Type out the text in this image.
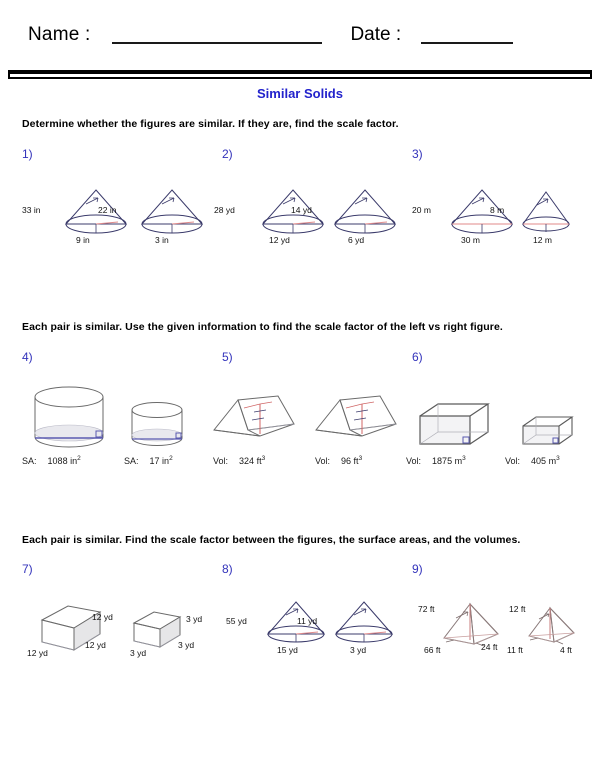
Name :	Date :
Similar Solids
Determine whether the figures are similar. If they are, find the scale factor.
Each pair is similar. Use the given information to find the scale factor of the left vs right figure.
Each pair is similar. Find the scale factor between the figures, the surface areas, and the volumes.
1)	2)	3)
33 in
9 in
22 in
3 in
28 yd
12 yd
14 yd
6 yd
20 m
30 m
8 m
12 m
4)	5)	6)
SA: 1088 $in^2$	SA: 17 $in^2$	Vol: 324 $ft^3$	Vol: 96 $ft^3$	Vol: 1875 $m^3$	Vol: 405 $m^3$
7)	8)	9)
12 yd
12 yd
12 yd
3 yd
3 yd
3 yd
55 yd
15 yd
11 yd
3 yd
72 ft
66 ft	24 ft
12 ft
11 ft	4 ft
